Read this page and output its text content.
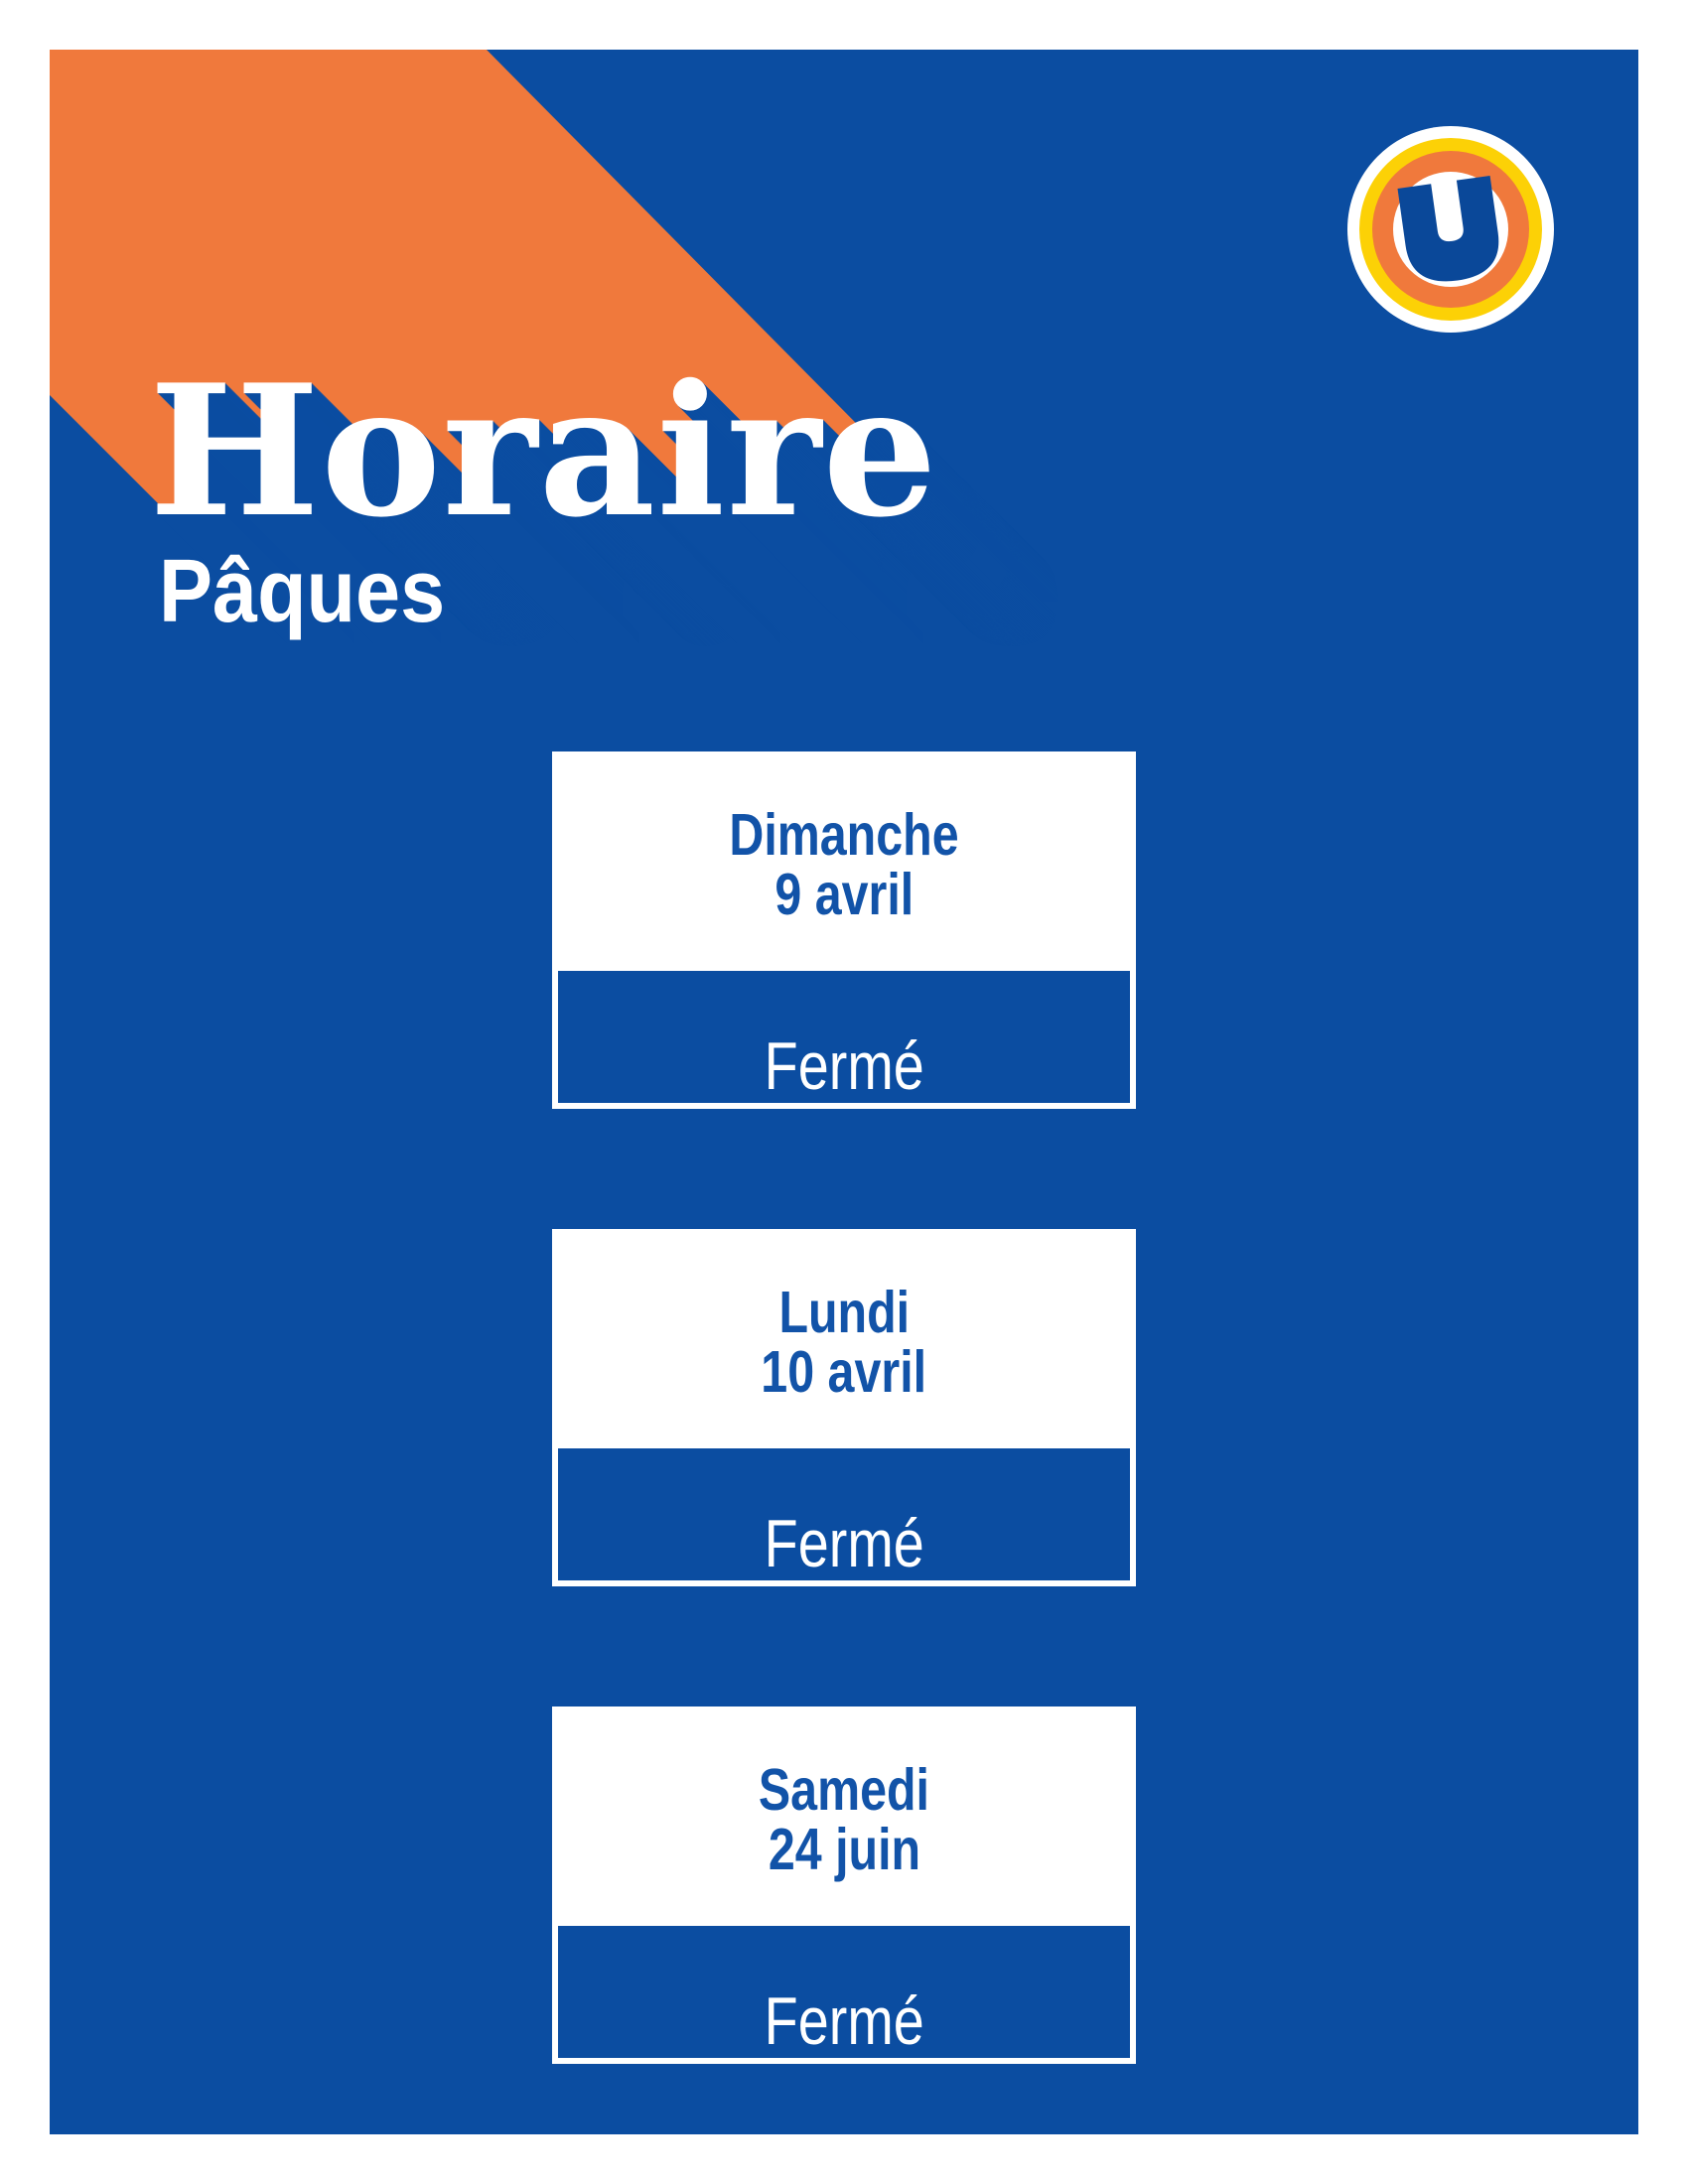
Horaire
Pâques
Dimanche
9 avril
Fermé
Lundi
10 avril
Fermé
Samedi
24 juin
Fermé
